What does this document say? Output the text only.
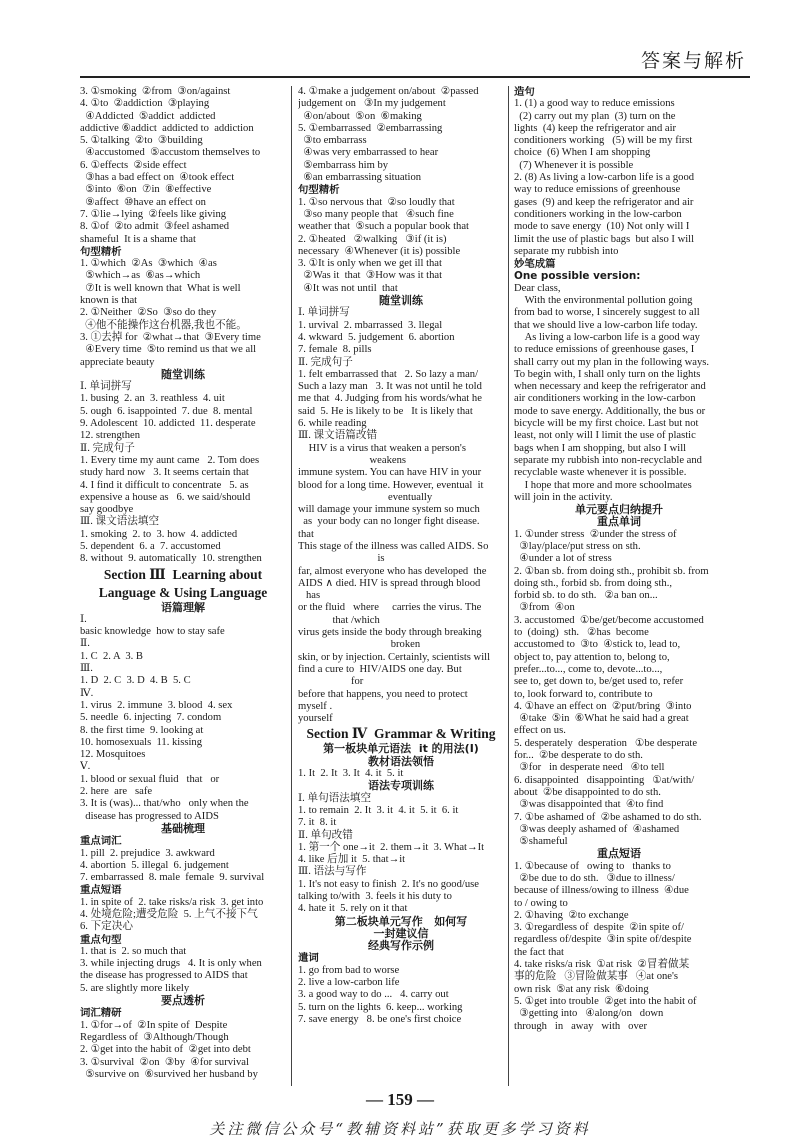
答案与解析
3. ①smoking  ②from  ③on/against
4. ①to  ②addiction  ③playing
④Addicted  ⑤addict  addicted
addictive ⑥addict  addicted to  addiction
5. ①talking  ②to  ③building
④accustomed  ⑤accustom themselves to
6. ①effects  ②side effect
③has a bad effect on  ④took effect
⑤into  ⑥on  ⑦in  ⑧effective
⑨affect  ⑩have an effect on
7. ①lie→lying  ②feels like giving
8. ①of  ②to admit  ③feel ashamed
shameful  It is a shame that
句型精析
1. ①which  ②As  ③which  ④as
⑤which→as  ⑥as→which
⑦It is well known that  What is well
known is that
2. ①Neither  ②So  ③so do they
④他不能操作这台机器,我也不能。
3. ①去掉 for  ②what→that  ③Every time
④Every time  ⑤to remind us that we all
appreciate beauty
随堂训练
Ⅰ. 单词拼写
1. busing  2. an  3. reathless  4. uit
5. ough  6. isappointed  7. due  8. mental
9. Adolescent  10. addicted  11. desperate
12. strengthen
Ⅱ. 完成句子
1. Every time my aunt came   2. Tom does
study hard now   3. It seems certain that
4. I find it difficult to concentrate   5. as
expensive a house as   6. we said/should
say goodbye
Ⅲ. 课文语法填空
1. smoking  2. to  3. how  4. addicted
5. dependent  6. a  7. accustomed
8. without  9. automatically  10. strengthen
Section Ⅲ  Learning about
Language & Using Language
语篇理解
Ⅰ.
basic knowledge  how to stay safe
Ⅱ.
1. C  2. A  3. B
Ⅲ.
1. D  2. C  3. D  4. B  5. C
Ⅳ.
1. virus  2. immune  3. blood  4. sex
5. needle  6. injecting  7. condom
8. the first time  9. looking at
10. homosexuals  11. kissing
12. Mosquitoes
Ⅴ.
1. blood or sexual fluid   that   or
2. here  are   safe
3. It is (was)... that/who   only when the
disease has progressed to AIDS
基础梳理
重点词汇
1. pill  2. prejudice  3. awkward
4. abortion  5. illegal  6. judgement
7. embarrassed  8. male  female  9. survival
重点短语
1. in spite of  2. take risks/a risk  3. get into
4. 处境危险;遭受危险  5. 上气不接下气
6. 下定决心
重点句型
1. that is  2. so much that
3. while injecting drugs   4. It is only when
the disease has progressed to AIDS that
5. are slightly more likely
要点透析
词汇精研
1. ①for→of  ②In spite of  Despite
Regardless of  ③Although/Though
2. ①get into the habit of  ②get into debt
3. ①survival  ②on  ③by  ④for survival
⑤survive on  ⑥survived her husband by
4. ①make a judgement on/about  ②passed
judgement on   ③In my judgement
④on/about  ⑤on  ⑥making
5. ①embarrassed  ②embarrassing
③to embarrass
④was very embarrassed to hear
⑤embarrass him by
⑥an embarrassing situation
句型精析
1. ①so nervous that  ②so loudly that
③so many people that   ④such fine
weather that  ⑤such a popular book that
2. ①heated   ②walking   ③if (it is)
necessary  ④Whenever (it is) possible
3. ①It is only when we get ill that
②Was it  that  ③How was it that
④It was not until  that
随堂训练
Ⅰ. 单词拼写
1. urvival  2. mbarrassed  3. llegal
4. wkward  5. judgement  6. abortion
7. female  8. pills
Ⅱ. 完成句子
1. felt embarrassed that   2. So lazy a man/
Such a lazy man   3. It was not until he told
me that  4. Judging from his words/what he
said  5. He is likely to be   It is likely that
6. while reading
Ⅲ. 课文语篇改错
HIV is a virus that weaken a person's
weakens
immune system. You can have HIV in your
blood for a long time. However, eventual  it
eventually
will damage your immune system so much
as  your body can no longer fight disease.
that
This stage of the illness was called AIDS. So
is
far, almost everyone who has developed  the
AIDS ∧ died. HIV is spread through blood
has
or the fluid   where     carries the virus. The
that /which
virus gets inside the body through breaking
broken
skin, or by injection. Certainly, scientists will
find a cure to  HIV/AIDS one day. But
for
before that happens, you need to protect
myself .
yourself
Section Ⅳ  Grammar & Writing
第一板块单元语法  it 的用法(Ⅰ)
教材语法领悟
1. It  2. It  3. It  4. it  5. it
语法专项训练
Ⅰ. 单句语法填空
1. to remain  2. It  3. it  4. it  5. it  6. it
7. it  8. it
Ⅱ. 单句改错
1. 第一个 one→it  2. them→it  3. What→It
4. like 后加 it  5. that→it
Ⅲ. 语法与写作
1. It's not easy to finish  2. It's no good/use
talking to/with  3. feels it his duty to
4. hate it  5. rely on it that
第二板块单元写作   如何写
一封建议信
经典写作示例
遣词
1. go from bad to worse
2. live a low-carbon life
3. a good way to do ...   4. carry out
5. turn on the lights  6. keep... working
7. save energy   8. be one's first choice
造句
1. (1) a good way to reduce emissions
(2) carry out my plan  (3) turn on the
lights  (4) keep the refrigerator and air
conditioners working   (5) will be my first
choice  (6) When I am shopping
(7) Whenever it is possible
2. (8) As living a low-carbon life is a good
way to reduce emissions of greenhouse
gases  (9) and keep the refrigerator and air
conditioners working in the low-carbon
mode to save energy  (10) Not only will I
limit the use of plastic bags  but also I will
separate my rubbish into
妙笔成篇
One possible version:
Dear class,
With the environmental pollution going
from bad to worse, I sincerely suggest to all
that we should live a low-carbon life today.
As living a low-carbon life is a good way
to reduce emissions of greenhouse gases, I
shall carry out my plan in the following ways.
To begin with, I shall only turn on the lights
when necessary and keep the refrigerator and
air conditioners working in the low-carbon
mode to save energy. Additionally, the bus or
bicycle will be my first choice. Last but not
least, not only will I limit the use of plastic
bags when I am shopping, but also I will
separate my rubbish into non-recyclable and
recyclable waste whenever it is possible.
I hope that more and more schoolmates
will join in the activity.
单元要点归纳提升
重点单词
1. ①under stress  ②under the stress of
③lay/place/put stress on sth.
④under a lot of stress
2. ①ban sb. from doing sth., prohibit sb. from
doing sth., forbid sb. from doing sth.,
forbid sb. to do sth.   ②a ban on...
③from  ④on
3. accustomed  ①be/get/become accustomed
to  (doing)  sth.   ②has  become
accustomed to  ③to  ④stick to, lead to,
object to, pay attention to, belong to,
prefer...to..., come to, devote...to...,
see to, get down to, be/get used to, refer
to, look forward to, contribute to
4. ①have an effect on  ②put/bring  ③into
④take  ⑤in  ⑥What he said had a great
effect on us.
5. desperately  desperation   ①be desperate
for...  ②be desperate to do sth.
③for   in desperate need   ④to tell
6. disappointed   disappointing   ①at/with/
about  ②be disappointed to do sth.
③was disappointed that  ④to find
7. ①be ashamed of  ②be ashamed to do sth.
③was deeply ashamed of  ④ashamed
⑤shameful
重点短语
1. ①because of   owing to   thanks to
②be due to do sth.   ③due to illness/
because of illness/owing to illness  ④due
to / owing to
2. ①having  ②to exchange
3. ①regardless of  despite  ②in spite of/
regardless of/despite  ③in spite of/despite
the fact that
4. take risks/a risk  ①at risk  ②冒着做某
事的危险   ③冒险做某事   ④at one's
own risk  ⑤at any risk  ⑥doing
5. ①get into trouble  ②get into the habit of
③getting into   ④along/on   down
through   in   away   with   over
— 159 —
关注微信公众号“教辅资料站”获取更多学习资料
